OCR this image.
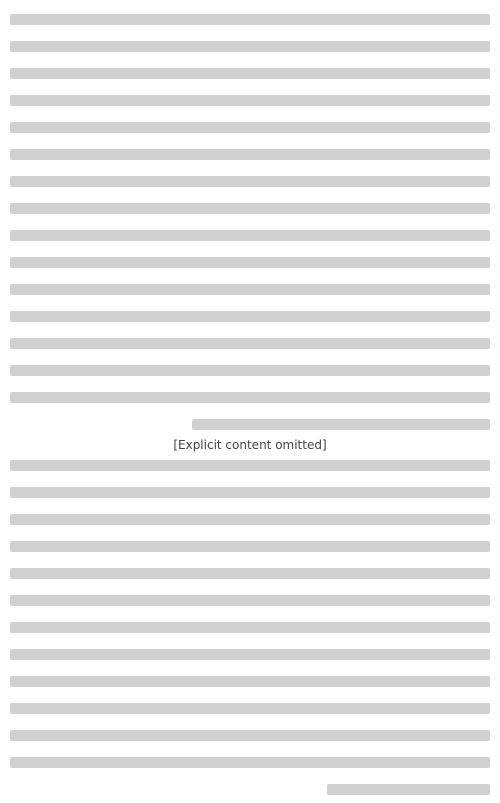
[Explicit content omitted]
